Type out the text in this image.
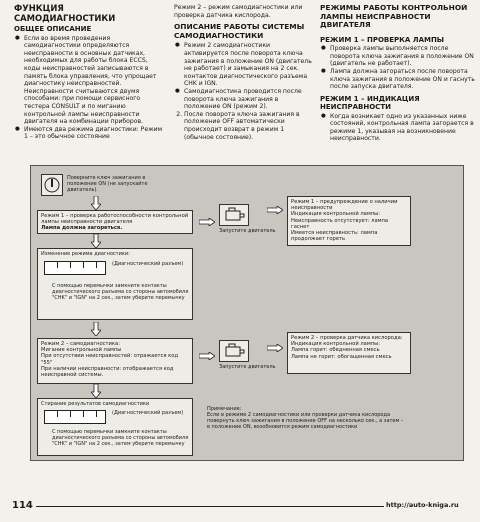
ФУНКЦИЯ САМОДИАГНОСТИКИ
ОБЩЕЕ ОПИСАНИЕ
● Если во время проведения самодиагностики определяются неисправности в основных датчиках, необходимых для работы блока ECCS, коды неисправностей записываются в память блока управления, что упрощает диагностику неисправностей. Неисправности считываются двумя способами: при помощи сервисного тестера CONSULT и по миганию контрольной лампы неисправности двигателя на комбинации приборов.
● Имеются два режима диагностики: Режим 1 – это обычное состояние

Режим 2 – режим самодиагностики или проверка датчика кислорода.

ОПИСАНИЕ РАБОТЫ СИСТЕМЫ САМОДИАГНОСТИКИ
● Режим 2 самодиагностики активируется после поворота ключа зажигания в положение ON (двигатель не работает) и замыкания на 2 сек. контактов диагностического разъема CHK и IGN.
● Самодиагностика проводится после поворота ключа зажигания в положение ON (режим 2).
2. После поворота ключа зажигания в положение OFF автоматически происходит возврат в режим 1 (обычное состояние).
РЕЖИМЫ РАБОТЫ КОНТРОЛЬНОЙ ЛАМПЫ НЕИСПРАВНОСТИ ДВИГАТЕЛЯ
РЕЖИМ 1 – ПРОВЕРКА ЛАМПЫ
● Проверка лампы выполняется после поворота ключа зажигания в положение ON (двигатель не работает).
● Лампа должна загораться после поворота ключа зажигания в положение ON и гаснуть после запуска двигателя.
РЕЖИМ 1 – ИНДИКАЦИЯ НЕИСПРАВНОСТИ
● Когда возникает одно из указанных ниже состояний, контрольная лампа загорается в режиме 1, указывая на возникновение неисправности.
Поверните ключ зажигания в положение ON (не запускайте двигатель).
Режим 1 – проверка работоспособности контрольной лампы неисправности двигателя
Лампа должна загореться.	Запустите двигатель
Режим 1 – предупреждение о наличии неисправности
Индикация контрольной лампы:
Неисправность отсутствует: лампа гаснет
Имеется неисправность: лампа продолжает гореть
Изменение режима диагностики:
(Диагностический разъем)
С помощью перемычки замкните контакты диагностического разъема со стороны автомобиля "CHK" и "IGN" на 2 сек., затем уберите перемычку
Режим 2 – самодиагностика:
Мигание контрольной лампы
При отсутствии неисправностей: отражается код "55"
При наличии неисправности: отображается код неисправной системы.
Запустите двигатель
Режим 2 – проверка датчика кислорода:
Индикация контрольной лампы:
Лампа горит: обедненная смесь
Лампа не горит: обогащенная смесь
Стирание результатов самодиагностики
(Диагностический разъем)
С помощью перемычки замкните контакты диагностического разъема со стороны автомобиля "CHK" и "IGN" на 2 сек., затем уберите перемычку
Примечание:
Если в режиме 2 самодиагностики или проверки датчика кислорода повернуть ключ зажигания в положение OFF на несколько сек., а затем – в положение ON, возобновится режим самодиагностики
114	http://auto-kniga.ru
